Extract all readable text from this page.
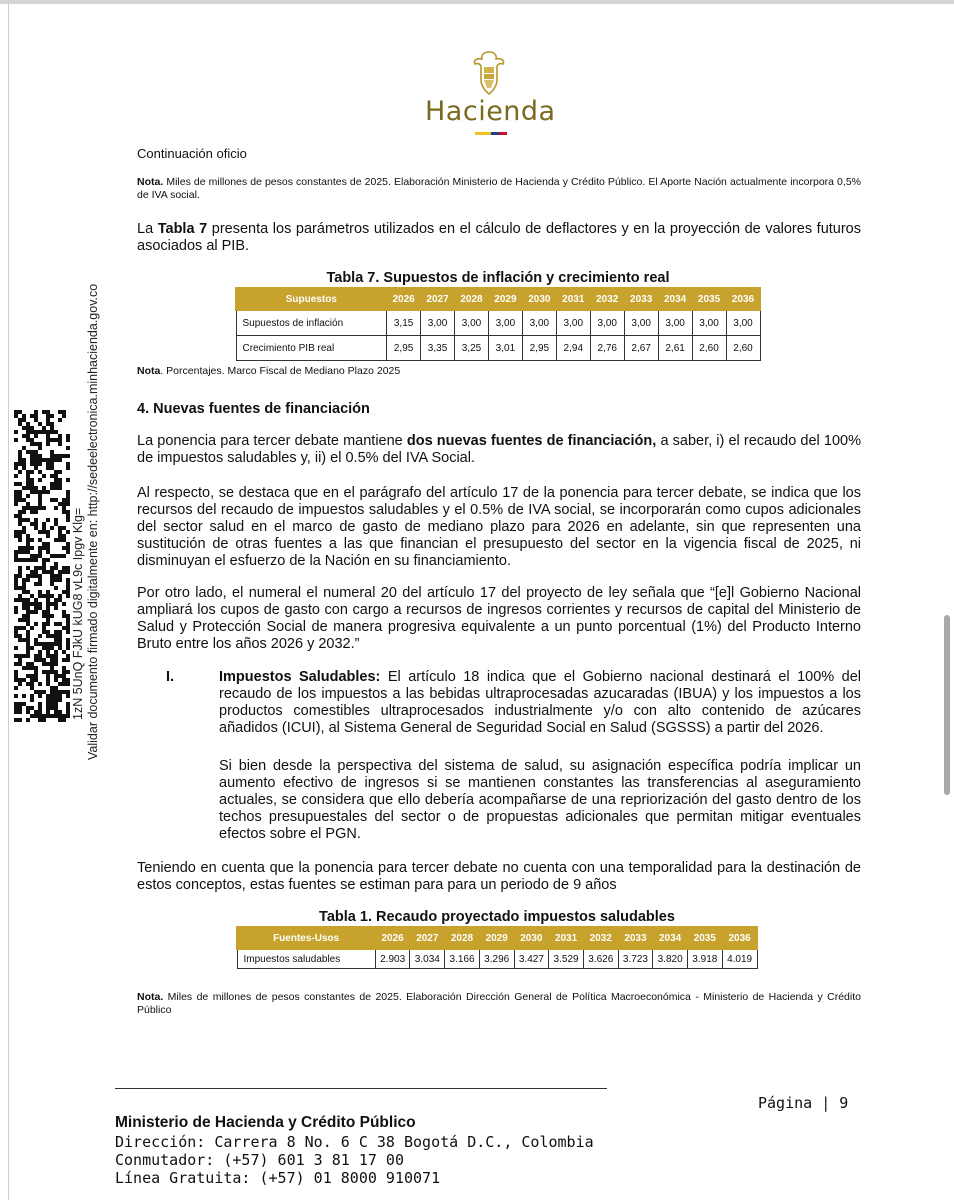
Hacienda
1zN 5UnQ FJkU kUG8 vL9c Ipgv Klg= Validar documento firmado digitalmente en: http://sedeelectronica.minhacienda.gov.co
Continuación oficio
Nota. Miles de millones de pesos constantes de 2025. Elaboración Ministerio de Hacienda y Crédito Público. El Aporte Nación actualmente incorpora 0,5% de IVA social.
La Tabla 7 presenta los parámetros utilizados en el cálculo de deflactores y en la proyección de valores futuros asociados al PIB.
Tabla 7. Supuestos de inflación y crecimiento real
Supuestos	2026	2027	2028	2029	2030	2031	2032	2033	2034	2035	2036
Supuestos de inflación	3,15	3,00	3,00	3,00	3,00	3,00	3,00	3,00	3,00	3,00	3,00
Crecimiento PIB real	2,95	3,35	3,25	3,01	2,95	2,94	2,76	2,67	2,61	2,60	2,60
Nota. Porcentajes. Marco Fiscal de Mediano Plazo 2025
4. Nuevas fuentes de financiación
La ponencia para tercer debate mantiene dos nuevas fuentes de financiación, a saber, i) el recaudo del 100% de impuestos saludables y, ii) el 0.5% del IVA Social.
Al respecto, se destaca que en el parágrafo del artículo 17 de la ponencia para tercer debate, se indica que los recursos del recaudo de impuestos saludables y el 0.5% de IVA social, se incorporarán como cupos adicionales del sector salud en el marco de gasto de mediano plazo para 2026 en adelante, sin que representen una sustitución de otras fuentes a las que financian el presupuesto del sector en la vigencia fiscal de 2025, ni disminuyan el esfuerzo de la Nación en su financiamiento.
Por otro lado, el numeral el numeral 20 del artículo 17 del proyecto de ley señala que “[e]l Gobierno Nacional ampliará los cupos de gasto con cargo a recursos de ingresos corrientes y recursos de capital del Ministerio de Salud y Protección Social de manera progresiva equivalente a un punto porcentual (1%) del Producto Interno Bruto entre los años 2026 y 2032.”
I.	Impuestos Saludables: El artículo 18 indica que el Gobierno nacional destinará el 100% del recaudo de los impuestos a las bebidas ultraprocesadas azucaradas (IBUA) y los impuestos a los productos comestibles ultraprocesados industrialmente y/o con alto contenido de azúcares añadidos (ICUI), al Sistema General de Seguridad Social en Salud (SGSSS) a partir del 2026.
Si bien desde la perspectiva del sistema de salud, su asignación específica podría implicar un aumento efectivo de ingresos si se mantienen constantes las transferencias al aseguramiento actuales, se considera que ello debería acompañarse de una repriorización del gasto dentro de los techos presupuestales del sector o de propuestas adicionales que permitan mitigar eventuales efectos sobre el PGN.
Teniendo en cuenta que la ponencia para tercer debate no cuenta con una temporalidad para la destinación de estos conceptos, estas fuentes se estiman para para un periodo de 9 años
Tabla 1. Recaudo proyectado impuestos saludables
Fuentes-Usos	2026	2027	2028	2029	2030	2031	2032	2033	2034	2035	2036
Impuestos saludables	2.903	3.034	3.166	3.296	3.427	3.529	3.626	3.723	3.820	3.918	4.019
Nota. Miles de millones de pesos constantes de 2025. Elaboración Dirección General de Política Macroeconómica - Ministerio de Hacienda y Crédito Público
Página | 9
Ministerio de Hacienda y Crédito Público
Dirección: Carrera 8 No. 6 C 38 Bogotá D.C., Colombia
Conmutador: (+57) 601 3 81 17 00
Línea Gratuita: (+57) 01 8000 910071
